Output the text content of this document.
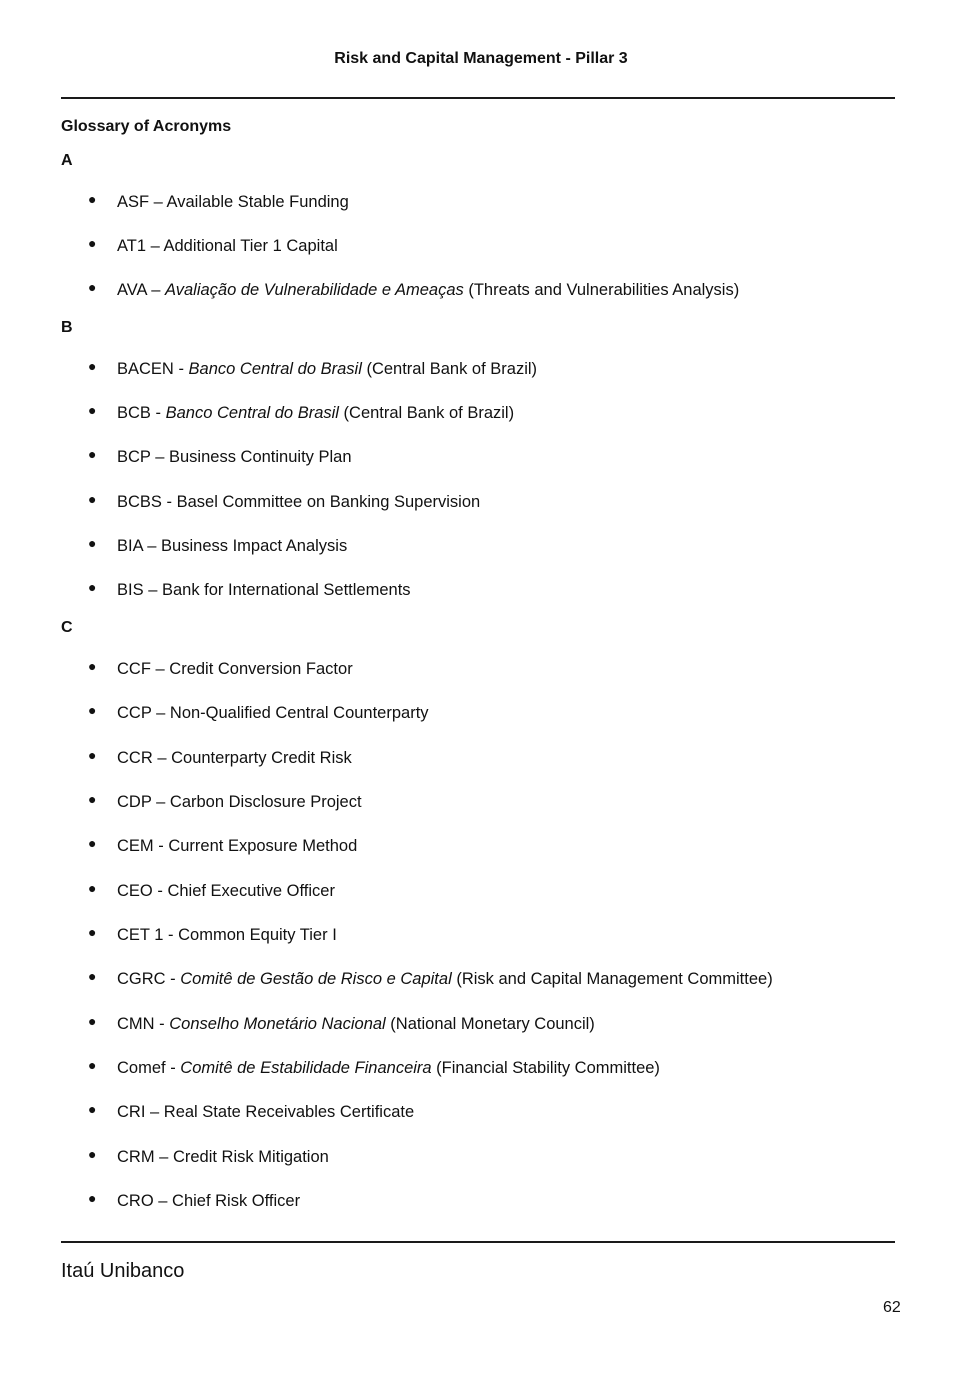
Risk and Capital Management - Pillar 3
Glossary of Acronyms
A
● ASF – Available Stable Funding
● AT1 – Additional Tier 1 Capital
● AVA – Avaliação de Vulnerabilidade e Ameaças (Threats and Vulnerabilities Analysis)
B
● BACEN - Banco Central do Brasil (Central Bank of Brazil)
● BCB - Banco Central do Brasil (Central Bank of Brazil)
● BCP – Business Continuity Plan
● BCBS - Basel Committee on Banking Supervision
● BIA – Business Impact Analysis
● BIS – Bank for International Settlements
C
● CCF – Credit Conversion Factor
● CCP – Non-Qualified Central Counterparty
● CCR – Counterparty Credit Risk
● CDP – Carbon Disclosure Project
● CEM - Current Exposure Method
● CEO - Chief Executive Officer
● CET 1 - Common Equity Tier I
● CGRC - Comitê de Gestão de Risco e Capital (Risk and Capital Management Committee)
● CMN - Conselho Monetário Nacional (National Monetary Council)
● Comef - Comitê de Estabilidade Financeira (Financial Stability Committee)
● CRI – Real State Receivables Certificate
● CRM – Credit Risk Mitigation
● CRO – Chief Risk Officer
Itaú Unibanco
62
